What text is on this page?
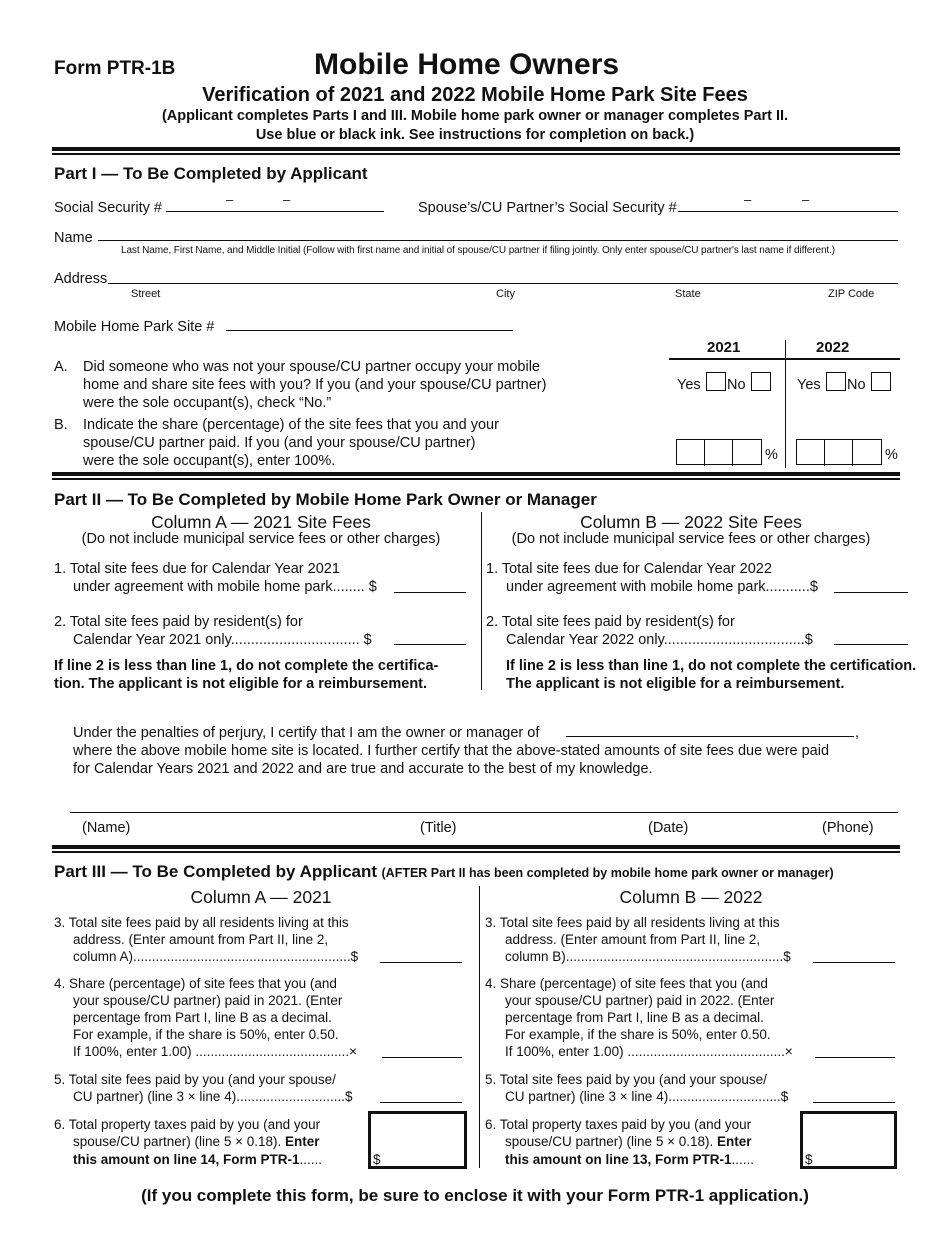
Form PTR-1B	Mobile Home Owners
Verification of 2021 and 2022 Mobile Home Park Site Fees
(Applicant completes Parts I and III. Mobile home park owner or manager completes Part II.
Use blue or black ink. See instructions for completion on back.)
Part I — To Be Completed by Applicant
Social Security #
–	–
Spouse’s/CU Partner’s Social Security #
–	–
Name
Last Name, First Name, and Middle Initial (Follow with first name and initial of spouse/CU partner if filing jointly. Only enter spouse/CU partner's last name if different.)
Address
Street	City	State	ZIP Code
Mobile Home Park Site #
2021	2022
A. Did someone who was not your spouse/CU partner occupy your mobile
home and share site fees with you? If you (and your spouse/CU partner)
were the sole occupant(s), check “No.”
Yes No	Yes No
B. Indicate the share (percentage) of the site fees that you and your
spouse/CU partner paid. If you (and your spouse/CU partner)
were the sole occupant(s), enter 100%.	%	%
Part II — To Be Completed by Mobile Home Park Owner or Manager
Column A — 2021 Site Fees
(Do not include municipal service fees or other charges)
Column B — 2022 Site Fees
(Do not include municipal service fees or other charges)
1. Total site fees due for Calendar Year 2021
under agreement with mobile home park........ $
2. Total site fees paid by resident(s) for
Calendar Year 2021 only................................ $
If line 2 is less than line 1, do not complete the certifica-
tion. The applicant is not eligible for a reimbursement.
1. Total site fees due for Calendar Year 2022
under agreement with mobile home park...........$
2. Total site fees paid by resident(s) for
Calendar Year 2022 only...................................$
If line 2 is less than line 1, do not complete the certification.
The applicant is not eligible for a reimbursement.
Under the penalties of perjury, I certify that I am the owner or manager of	,
where the above mobile home site is located. I further certify that the above-stated amounts of site fees due were paid
for Calendar Years 2021 and 2022 and are true and accurate to the best of my knowledge.
(Name)	(Title)	(Date)	(Phone)
Part III — To Be Completed by Applicant (AFTER Part II has been completed by mobile home park owner or manager)
Column A — 2021	Column B — 2022
3. Total site fees paid by all residents living at this
address. (Enter amount from Part II, line 2,
column A)..........................................................$
4. Share (percentage) of site fees that you (and
your spouse/CU partner) paid in 2021. (Enter
percentage from Part I, line B as a decimal.
For example, if the share is 50%, enter 0.50.
If 100%, enter 1.00) .........................................×
5. Total site fees paid by you (and your spouse/
CU partner) (line 3 × line 4).............................$
6. Total property taxes paid by you (and your
spouse/CU partner) (line 5 × 0.18). Enter
this amount on line 14, Form PTR-1......	$
3. Total site fees paid by all residents living at this
address. (Enter amount from Part II, line 2,
column B)..........................................................$
4. Share (percentage) of site fees that you (and
your spouse/CU partner) paid in 2022. (Enter
percentage from Part I, line B as a decimal.
For example, if the share is 50%, enter 0.50.
If 100%, enter 1.00) ..........................................×
5. Total site fees paid by you (and your spouse/
CU partner) (line 3 × line 4)..............................$
6. Total property taxes paid by you (and your
spouse/CU partner) (line 5 × 0.18). Enter
this amount on line 13, Form PTR-1......	$
(If you complete this form, be sure to enclose it with your Form PTR-1 application.)
